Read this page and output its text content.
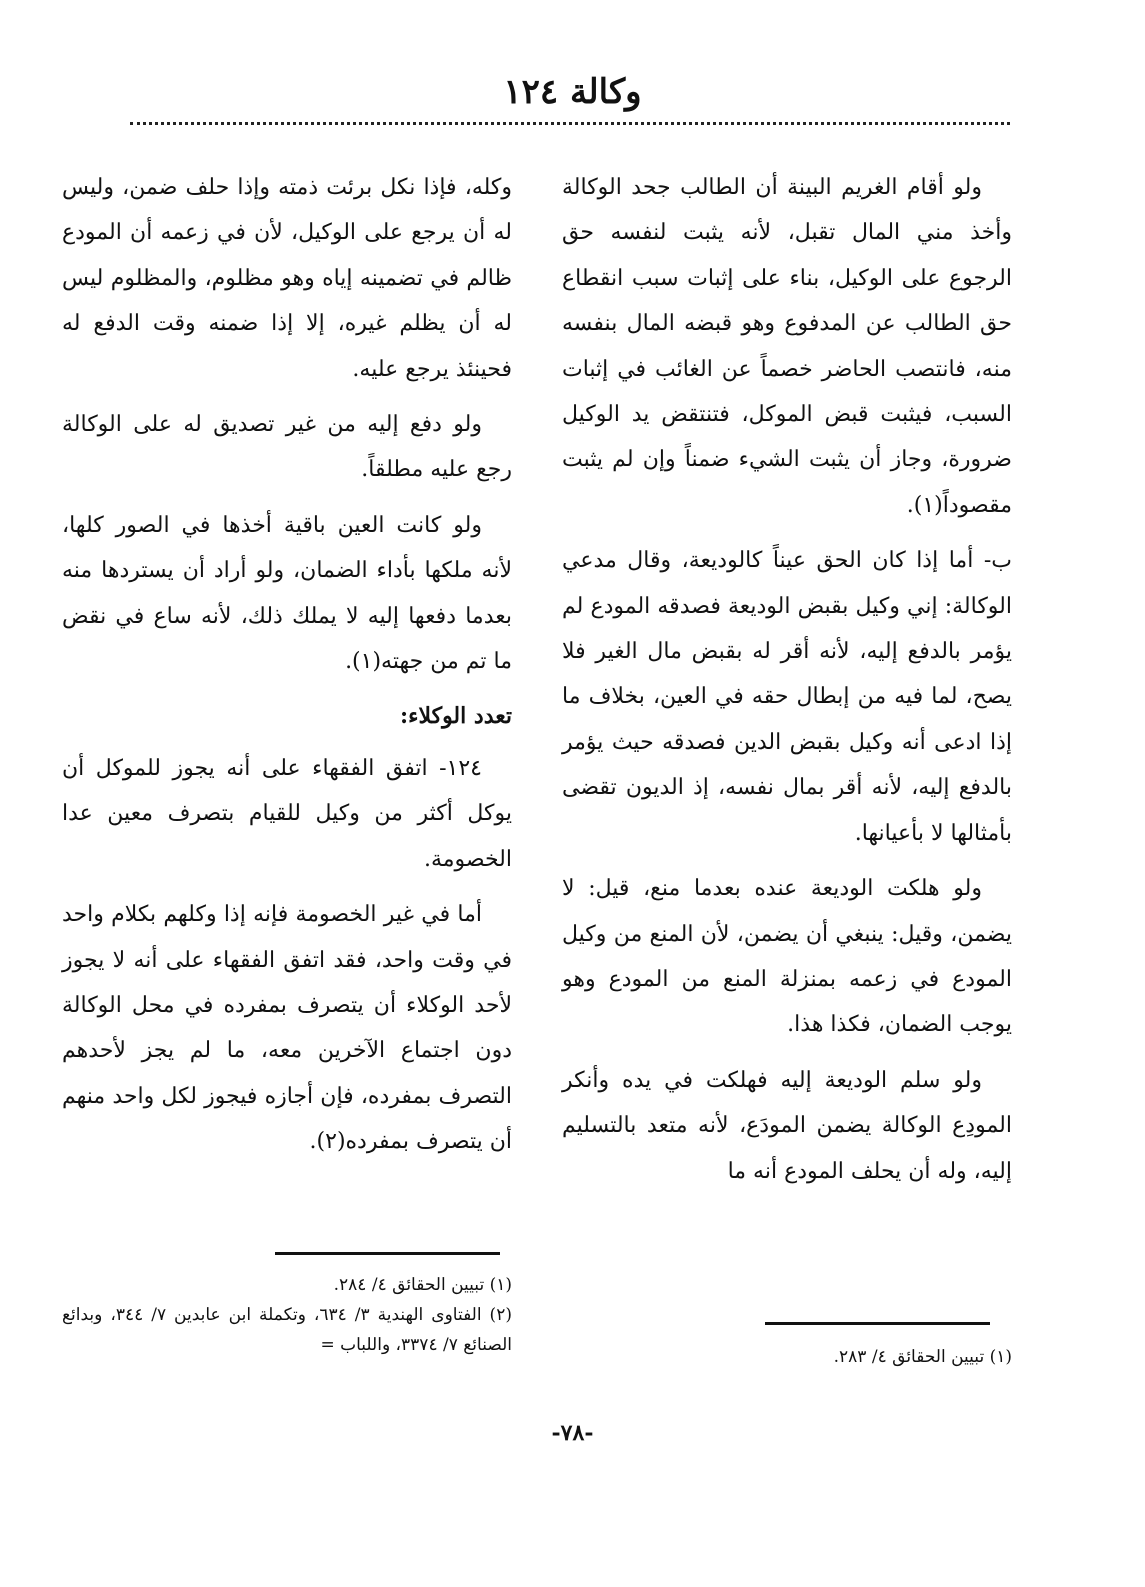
وكالة ١٢٤

ولو أقام الغريم البينة أن الطالب جحد الوكالة وأخذ مني المال تقبل، لأنه يثبت لنفسه حق الرجوع على الوكيل، بناء على إثبات سبب انقطاع حق الطالب عن المدفوع وهو قبضه المال بنفسه منه، فانتصب الحاضر خصماً عن الغائب في إثبات السبب، فيثبت قبض الموكل، فتنتقض يد الوكيل ضرورة، وجاز أن يثبت الشيء ضمناً وإن لم يثبت مقصوداً(١).

ب- أما إذا كان الحق عيناً كالوديعة، وقال مدعي الوكالة: إني وكيل بقبض الوديعة فصدقه المودع لم يؤمر بالدفع إليه، لأنه أقر له بقبض مال الغير فلا يصح، لما فيه من إبطال حقه في العين، بخلاف ما إذا ادعى أنه وكيل بقبض الدين فصدقه حيث يؤمر بالدفع إليه، لأنه أقر بمال نفسه، إذ الديون تقضى بأمثالها لا بأعيانها.

ولو هلكت الوديعة عنده بعدما منع، قيل: لا يضمن، وقيل: ينبغي أن يضمن، لأن المنع من وكيل المودع في زعمه بمنزلة المنع من المودع وهو يوجب الضمان، فكذا هذا.

ولو سلم الوديعة إليه فهلكت في يده وأنكر المودِع الوكالة يضمن المودَع، لأنه متعد بالتسليم إليه، وله أن يحلف المودع أنه ما

(١) تبيين الحقائق ٤/ ٢٨٣.

وكله، فإذا نكل برئت ذمته وإذا حلف ضمن، وليس له أن يرجع على الوكيل، لأن في زعمه أن المودع ظالم في تضمينه إياه وهو مظلوم، والمظلوم ليس له أن يظلم غيره، إلا إذا ضمنه وقت الدفع له فحينئذ يرجع عليه.

ولو دفع إليه من غير تصديق له على الوكالة رجع عليه مطلقاً.

ولو كانت العين باقية أخذها في الصور كلها، لأنه ملكها بأداء الضمان، ولو أراد أن يستردها منه بعدما دفعها إليه لا يملك ذلك، لأنه ساع في نقض ما تم من جهته(١).

تعدد الوكلاء:

١٢٤- اتفق الفقهاء على أنه يجوز للموكل أن يوكل أكثر من وكيل للقيام بتصرف معين عدا الخصومة.

أما في غير الخصومة فإنه إذا وكلهم بكلام واحد في وقت واحد، فقد اتفق الفقهاء على أنه لا يجوز لأحد الوكلاء أن يتصرف بمفرده في محل الوكالة دون اجتماع الآخرين معه، ما لم يجز لأحدهم التصرف بمفرده، فإن أجازه فيجوز لكل واحد منهم أن يتصرف بمفرده(٢).

(١) تبيين الحقائق ٤/ ٢٨٤.
(٢) الفتاوى الهندية ٣/ ٦٣٤، وتكملة ابن عابدين ٧/ ٣٤٤، وبدائع الصنائع ٧/ ٣٣٧٤، واللباب =
-٧٨-
